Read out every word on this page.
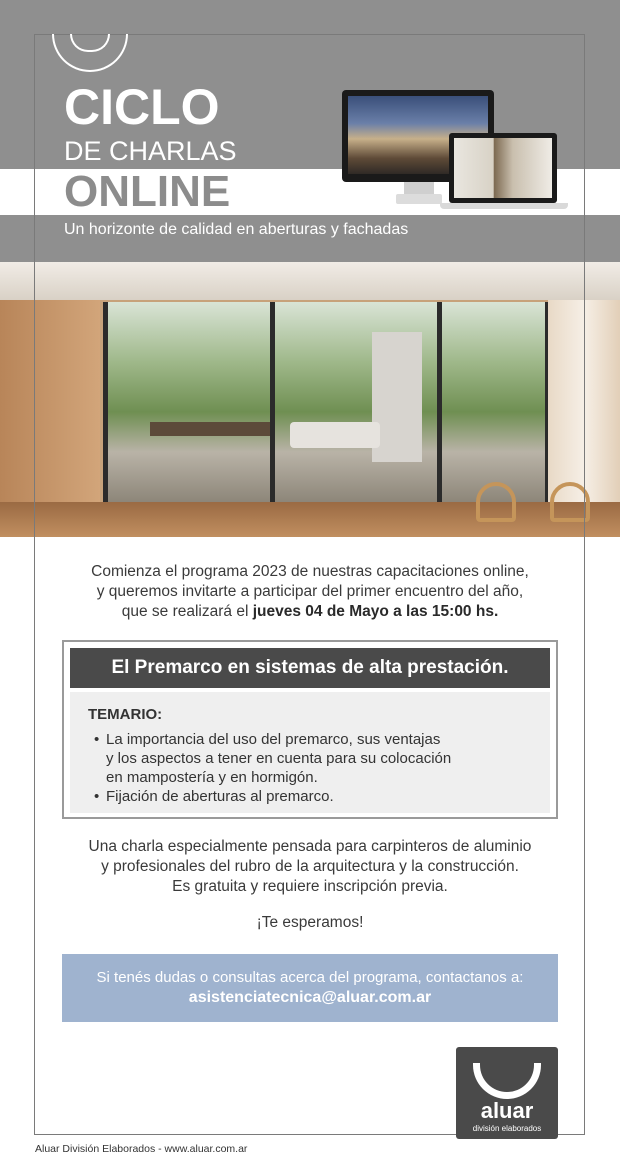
CICLO
DE CHARLAS
ONLINE
Un horizonte de calidad en aberturas y fachadas
Comienza el programa 2023 de nuestras capacitaciones online,
y queremos invitarte a participar del primer encuentro del año,
que se realizará el jueves 04 de Mayo a las 15:00 hs.
El Premarco en sistemas de alta prestación.
TEMARIO:
• La importancia del uso del premarco, sus ventajas
y los aspectos a tener en cuenta para su colocación
en mampostería y en hormigón.
• Fijación de aberturas al premarco.
Una charla especialmente pensada para carpinteros de aluminio
y profesionales del rubro de la arquitectura y la construcción.
Es gratuita y requiere inscripción previa.
¡Te esperamos!
Si tenés dudas o consultas acerca del programa, contactanos a:
asistenciatecnica@aluar.com.ar
aluar
división elaborados
Aluar División Elaborados - www.aluar.com.ar
